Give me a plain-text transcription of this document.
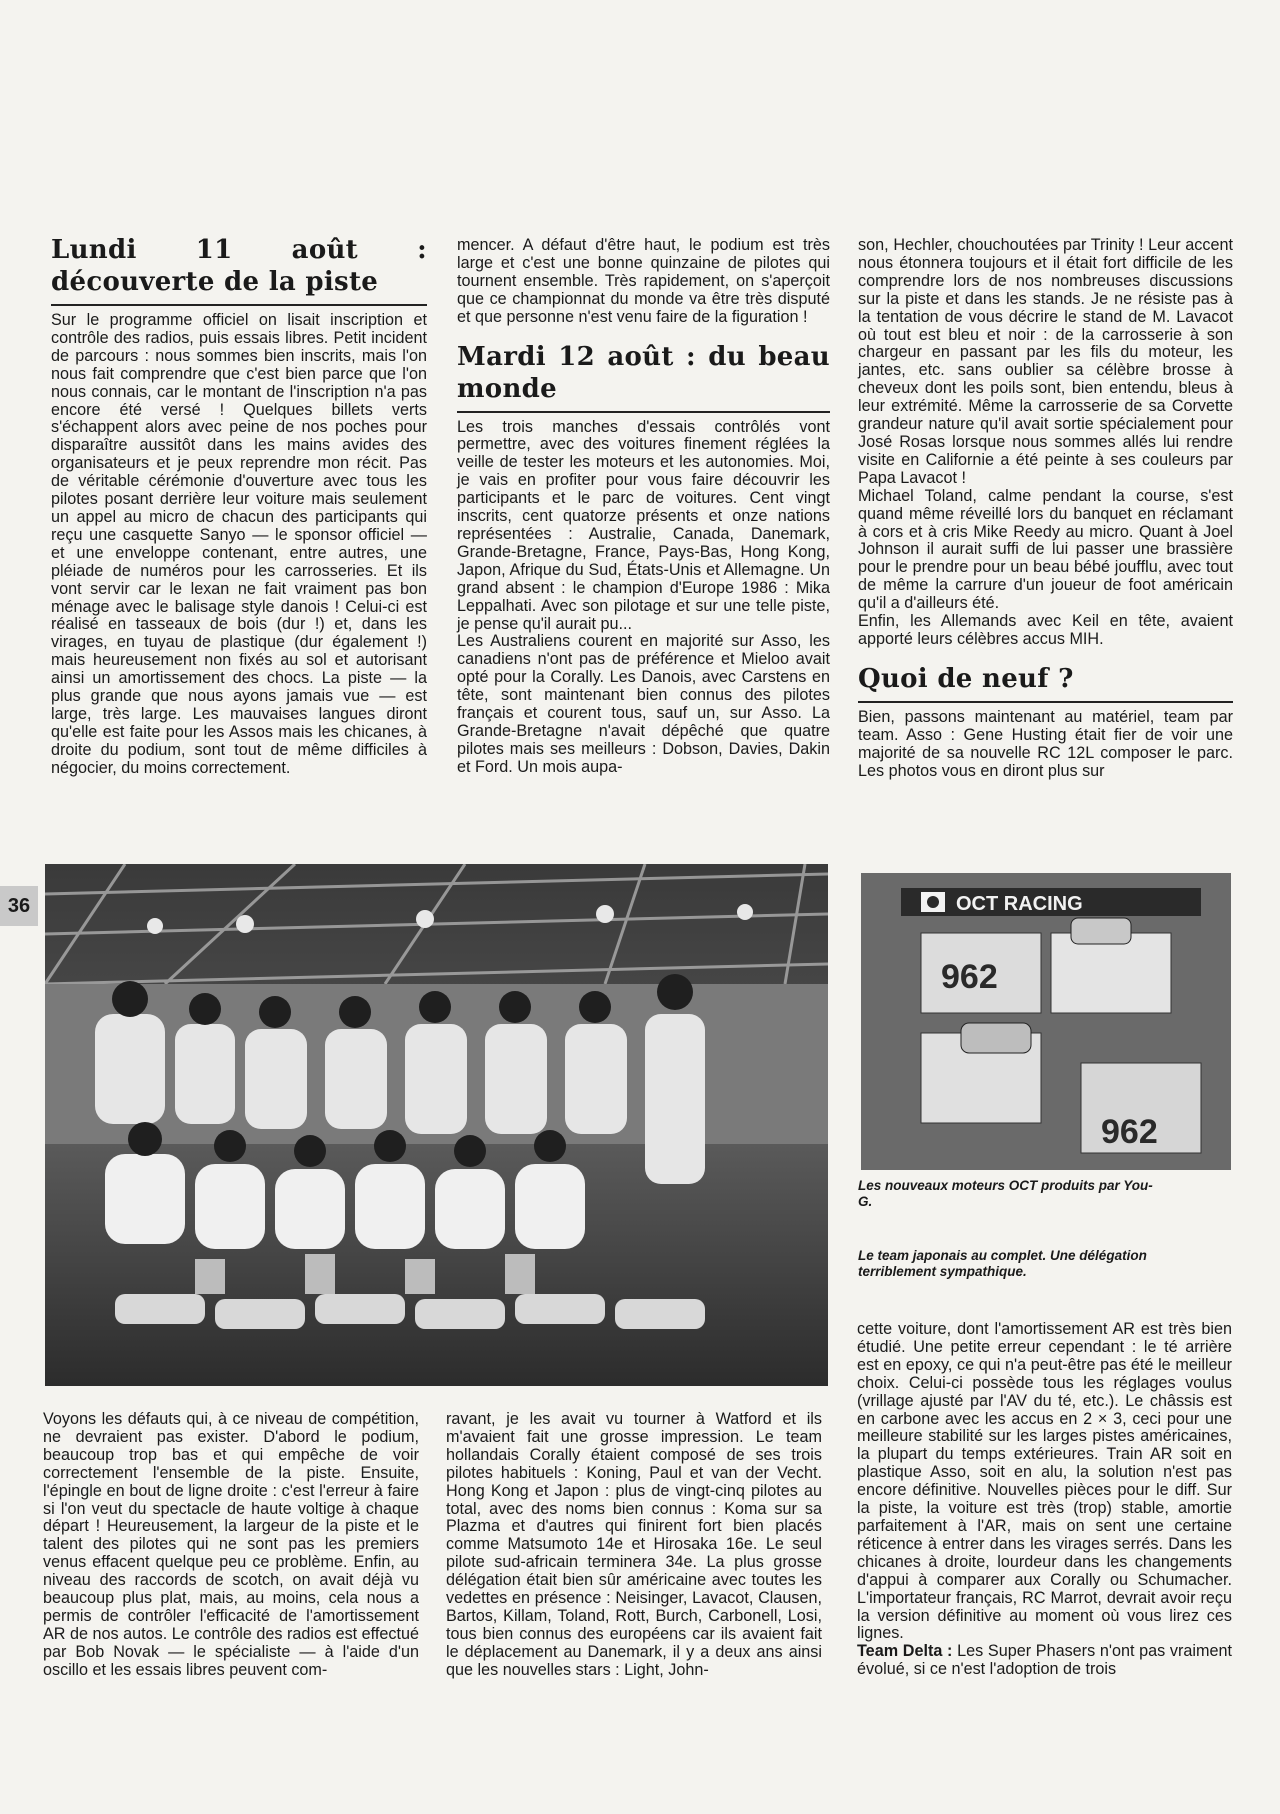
36
Lundi 11 août : découverte de la piste

Sur le programme officiel on lisait inscription et contrôle des radios, puis essais libres. Petit incident de parcours : nous sommes bien inscrits, mais l'on nous fait comprendre que c'est bien parce que l'on nous connais, car le montant de l'inscription n'a pas encore été versé ! Quelques billets verts s'échappent alors avec peine de nos poches pour disparaître aussitôt dans les mains avides des organisateurs et je peux reprendre mon récit. Pas de véritable cérémonie d'ouverture avec tous les pilotes posant derrière leur voiture mais seulement un appel au micro de chacun des participants qui reçu une casquette Sanyo — le sponsor officiel — et une enveloppe contenant, entre autres, une pléiade de numéros pour les carrosseries. Et ils vont servir car le lexan ne fait vraiment pas bon ménage avec le balisage style danois ! Celui-ci est réalisé en tasseaux de bois (dur !) et, dans les virages, en tuyau de plastique (dur également !) mais heureusement non fixés au sol et autorisant ainsi un amortissement des chocs. La piste — la plus grande que nous ayons jamais vue — est large, très large. Les mauvaises langues diront qu'elle est faite pour les Assos mais les chicanes, à droite du podium, sont tout de même difficiles à négocier, du moins correctement.

mencer. A défaut d'être haut, le podium est très large et c'est une bonne quinzaine de pilotes qui tournent ensemble. Très rapidement, on s'aperçoit que ce championnat du monde va être très disputé et que personne n'est venu faire de la figuration !

Mardi 12 août : du beau monde

Les trois manches d'essais contrôlés vont permettre, avec des voitures finement réglées la veille de tester les moteurs et les autonomies. Moi, je vais en profiter pour vous faire découvrir les participants et le parc de voitures. Cent vingt inscrits, cent quatorze présents et onze nations représentées : Australie, Canada, Danemark, Grande-Bretagne, France, Pays-Bas, Hong Kong, Japon, Afrique du Sud, États-Unis et Allemagne. Un grand absent : le champion d'Europe 1986 : Mika Leppalhati. Avec son pilotage et sur une telle piste, je pense qu'il aurait pu...

Les Australiens courent en majorité sur Asso, les canadiens n'ont pas de préférence et Mieloo avait opté pour la Corally. Les Danois, avec Carstens en tête, sont maintenant bien connus des pilotes français et courent tous, sauf un, sur Asso. La Grande-Bretagne n'avait dépêché que quatre pilotes mais ses meilleurs : Dobson, Davies, Dakin et Ford. Un mois aupa-

son, Hechler, chouchoutées par Trinity ! Leur accent nous étonnera toujours et il était fort difficile de les comprendre lors de nos nombreuses discussions sur la piste et dans les stands. Je ne résiste pas à la tentation de vous décrire le stand de M. Lavacot où tout est bleu et noir : de la carrosserie à son chargeur en passant par les fils du moteur, les jantes, etc. sans oublier sa célèbre brosse à cheveux dont les poils sont, bien entendu, bleus à leur extrémité. Même la carrosserie de sa Corvette grandeur nature qu'il avait sortie spécialement pour José Rosas lorsque nous sommes allés lui rendre visite en Californie a été peinte à ses couleurs par Papa Lavacot !

Michael Toland, calme pendant la course, s'est quand même réveillé lors du banquet en réclamant à cors et à cris Mike Reedy au micro. Quant à Joel Johnson il aurait suffi de lui passer une brassière pour le prendre pour un beau bébé joufflu, avec tout de même la carrure d'un joueur de foot américain qu'il a d'ailleurs été.

Enfin, les Allemands avec Keil en tête, avaient apporté leurs célèbres accus MIH.

Quoi de neuf ?

Bien, passons maintenant au matériel, team par team. Asso : Gene Husting était fier de voir une majorité de sa nouvelle RC 12L composer le parc. Les photos vous en diront plus sur

OCT RACING
962
962
Les nouveaux moteurs OCT produits par You-G.
Le team japonais au complet. Une délégation terriblement sympathique.

Voyons les défauts qui, à ce niveau de compétition, ne devraient pas exister. D'abord le podium, beaucoup trop bas et qui empêche de voir correctement l'ensemble de la piste. Ensuite, l'épingle en bout de ligne droite : c'est l'erreur à faire si l'on veut du spectacle de haute voltige à chaque départ ! Heureusement, la largeur de la piste et le talent des pilotes qui ne sont pas les premiers venus effacent quelque peu ce problème. Enfin, au niveau des raccords de scotch, on avait déjà vu beaucoup plus plat, mais, au moins, cela nous a permis de contrôler l'efficacité de l'amortissement AR de nos autos. Le contrôle des radios est effectué par Bob Novak — le spécialiste — à l'aide d'un oscillo et les essais libres peuvent com-

ravant, je les avait vu tourner à Watford et ils m'avaient fait une grosse impression. Le team hollandais Corally étaient composé de ses trois pilotes habituels : Koning, Paul et van der Vecht. Hong Kong et Japon : plus de vingt-cinq pilotes au total, avec des noms bien connus : Koma sur sa Plazma et d'autres qui finirent fort bien placés comme Matsumoto 14e et Hirosaka 16e. Le seul pilote sud-africain terminera 34e. La plus grosse délégation était bien sûr américaine avec toutes les vedettes en présence : Neisinger, Lavacot, Clausen, Bartos, Killam, Toland, Rott, Burch, Carbonell, Losi, tous bien connus des européens car ils avaient fait le déplacement au Danemark, il y a deux ans ainsi que les nouvelles stars : Light, John-

cette voiture, dont l'amortissement AR est très bien étudié. Une petite erreur cependant : le té arrière est en epoxy, ce qui n'a peut-être pas été le meilleur choix. Celui-ci possède tous les réglages voulus (vrillage ajusté par l'AV du té, etc.). Le châssis est en carbone avec les accus en 2 × 3, ceci pour une meilleure stabilité sur les larges pistes américaines, la plupart du temps extérieures. Train AR soit en plastique Asso, soit en alu, la solution n'est pas encore définitive. Nouvelles pièces pour le diff. Sur la piste, la voiture est très (trop) stable, amortie parfaitement à l'AR, mais on sent une certaine réticence à entrer dans les virages serrés. Dans les chicanes à droite, lourdeur dans les changements d'appui à comparer aux Corally ou Schumacher. L'importateur français, RC Marrot, devrait avoir reçu la version définitive au moment où vous lirez ces lignes.

Team Delta : Les Super Phasers n'ont pas vraiment évolué, si ce n'est l'adoption de trois
